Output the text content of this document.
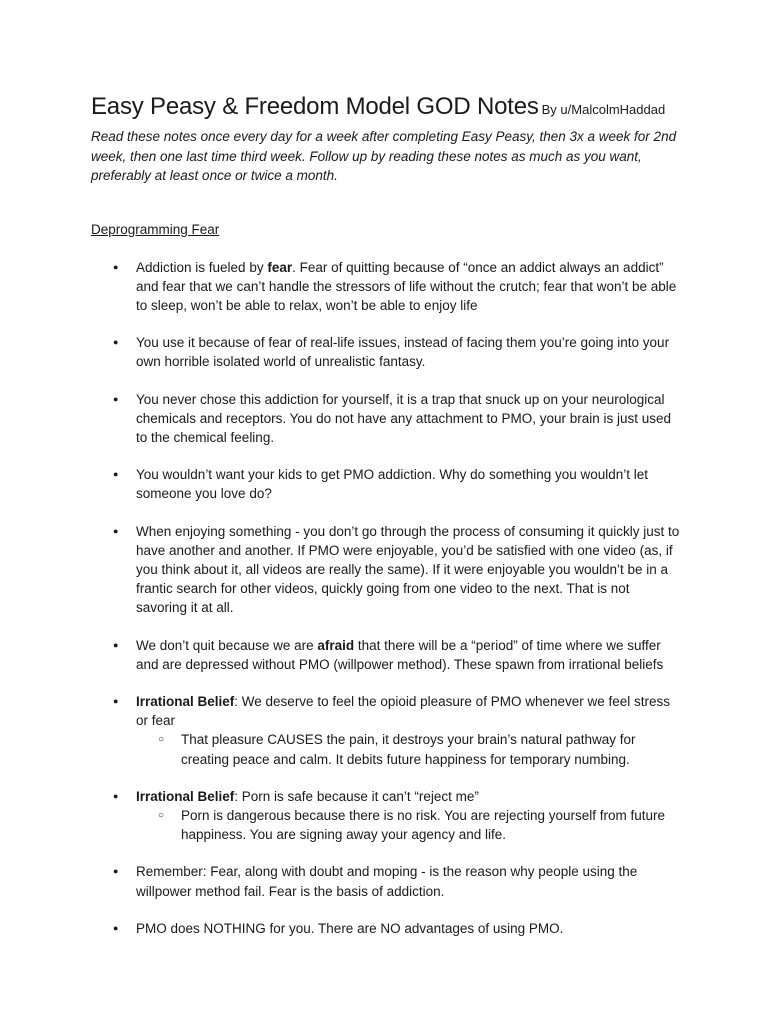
Easy Peasy & Freedom Model GOD Notes By u/MalcolmHaddad

Read these notes once every day for a week after completing Easy Peasy, then 3x a week for 2nd week, then one last time third week. Follow up by reading these notes as much as you want, preferably at least once or twice a month.

Deprogramming Fear

● Addiction is fueled by fear. Fear of quitting because of “once an addict always an addict” and fear that we can’t handle the stressors of life without the crutch; fear that won’t be able to sleep, won’t be able to relax, won’t be able to enjoy life
● You use it because of fear of real-life issues, instead of facing them you’re going into your own horrible isolated world of unrealistic fantasy.
● You never chose this addiction for yourself, it is a trap that snuck up on your neurological chemicals and receptors. You do not have any attachment to PMO, your brain is just used to the chemical feeling.
● You wouldn’t want your kids to get PMO addiction. Why do something you wouldn’t let someone you love do?
● When enjoying something - you don’t go through the process of consuming it quickly just to have another and another. If PMO were enjoyable, you’d be satisfied with one video (as, if you think about it, all videos are really the same). If it were enjoyable you wouldn’t be in a frantic search for other videos, quickly going from one video to the next. That is not savoring it at all.
● We don’t quit because we are afraid that there will be a “period” of time where we suffer and are depressed without PMO (willpower method). These spawn from irrational beliefs
● Irrational Belief: We deserve to feel the opioid pleasure of PMO whenever we feel stress or fear
○ That pleasure CAUSES the pain, it destroys your brain’s natural pathway for creating peace and calm. It debits future happiness for temporary numbing.
● Irrational Belief: Porn is safe because it can’t “reject me”
○ Porn is dangerous because there is no risk. You are rejecting yourself from future happiness. You are signing away your agency and life.
● Remember: Fear, along with doubt and moping - is the reason why people using the willpower method fail. Fear is the basis of addiction.
● PMO does NOTHING for you. There are NO advantages of using PMO.
